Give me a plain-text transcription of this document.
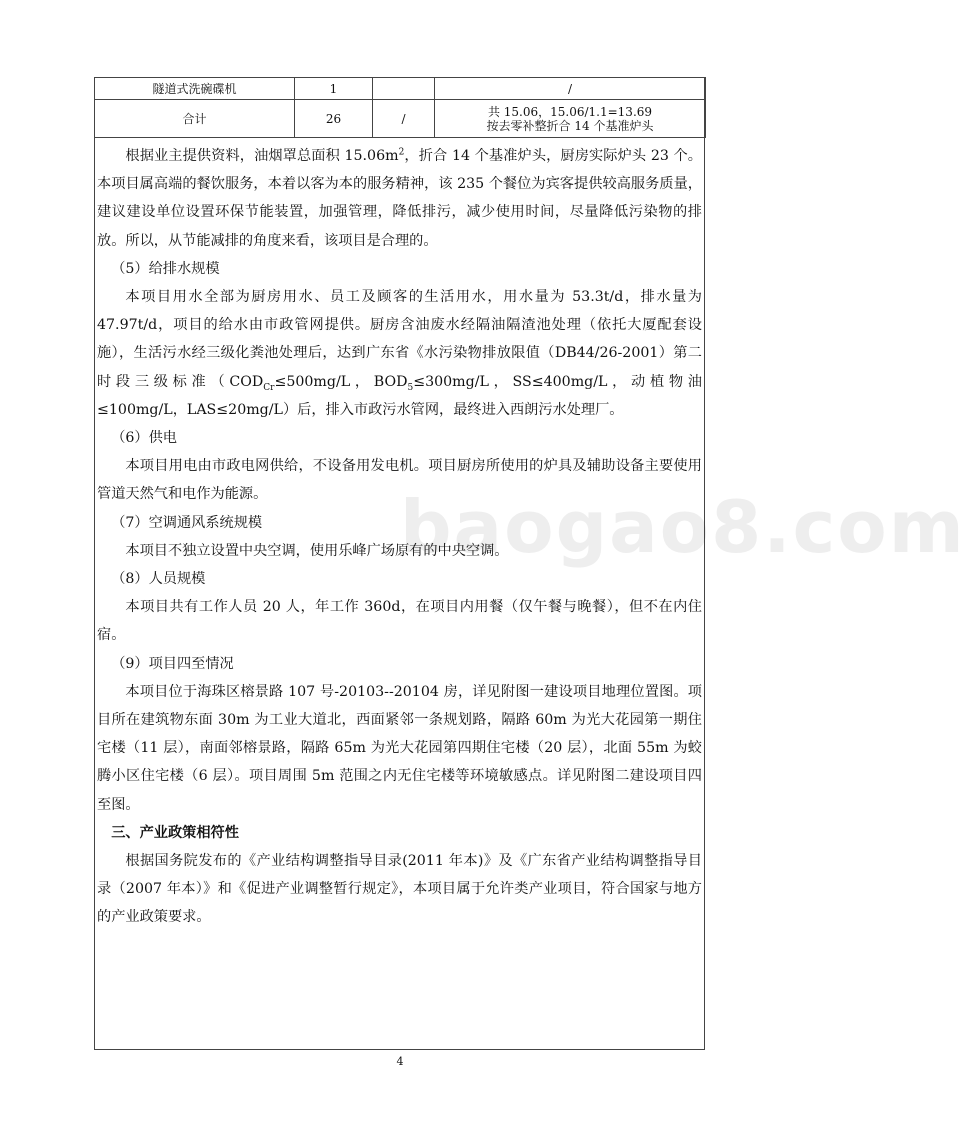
baogao8.com
隧道式洗碗碟机	1		/
合计	26	/	共 15.06，15.06/1.1=13.69
按去零补整折合 14 个基准炉头

根据业主提供资料，油烟罩总面积 $15.06m^2$，折合 14 个基准炉头，厨房实际炉头 23 个。本项目属高端的餐饮服务，本着以客为本的服务精神，该 235 个餐位为宾客提供较高服务质量，建议建设单位设置环保节能装置，加强管理，降低排污，减少使用时间，尽量降低污染物的排放。所以，从节能减排的角度来看，该项目是合理的。

（5）给排水规模

本项目用水全部为厨房用水、员工及顾客的生活用水，用水量为 53.3t/d，排水量为 47.97t/d，项目的给水由市政管网提供。厨房含油废水经隔油隔渣池处理（依托大厦配套设施），生活污水经三级化粪池处理后，达到广东省《水污染物排放限值（DB44/26-2001）第二时段三级标准（$COD_{Cr}\le 500mg/L$，$BOD_5\le 300mg/L$，SS≤400mg/L，动植物油≤100mg/L，LAS≤20mg/L）后，排入市政污水管网，最终进入西朗污水处理厂。

（6）供电

本项目用电由市政电网供给，不设备用发电机。项目厨房所使用的炉具及辅助设备主要使用管道天然气和电作为能源。

（7）空调通风系统规模

本项目不独立设置中央空调，使用乐峰广场原有的中央空调。

（8）人员规模

本项目共有工作人员 20 人，年工作 360d，在项目内用餐（仅午餐与晚餐），但不在内住宿。

（9）项目四至情况

本项目位于海珠区榕景路 107 号-20103--20104 房，详见附图一建设项目地理位置图。项目所在建筑物东面 30m 为工业大道北，西面紧邻一条规划路，隔路 60m 为光大花园第一期住宅楼（11 层），南面邻榕景路，隔路 65m 为光大花园第四期住宅楼（20 层），北面 55m 为蛟腾小区住宅楼（6 层）。项目周围 5m 范围之内无住宅楼等环境敏感点。详见附图二建设项目四至图。

三、产业政策相符性

根据国务院发布的《产业结构调整指导目录(2011 年本)》及《广东省产业结构调整指导目录（2007 年本）》和《促进产业调整暂行规定》，本项目属于允许类产业项目，符合国家与地方的产业政策要求。

4
